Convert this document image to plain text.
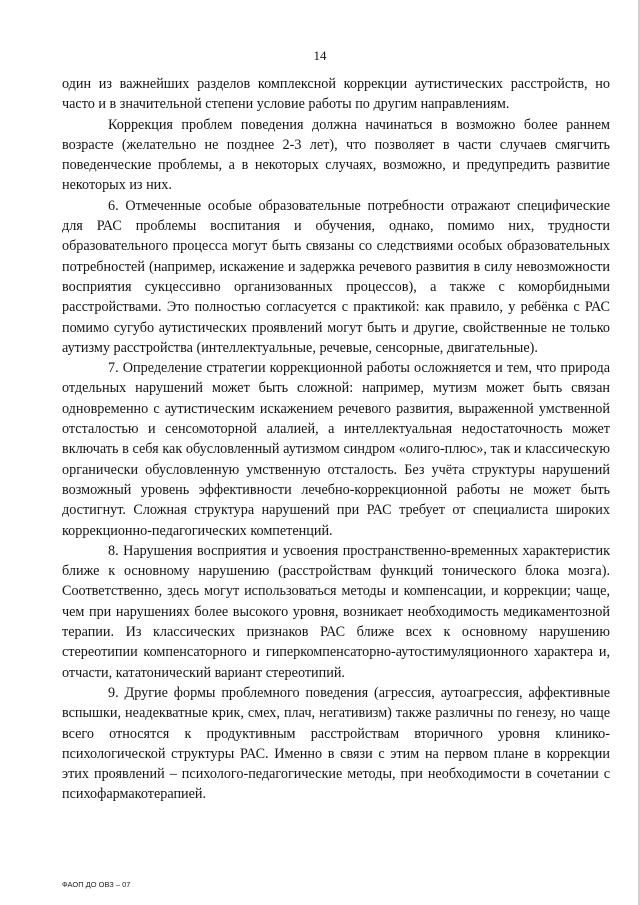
14

один из важнейших разделов комплексной коррекции аутистических расстройств, но часто и в значительной степени условие работы по другим направлениям.

Коррекция проблем поведения должна начинаться в возможно более раннем возрасте (желательно не позднее 2-3 лет), что позволяет в части случаев смягчить поведенческие проблемы, а в некоторых случаях, возможно, и предупредить развитие некоторых из них.

6. Отмеченные особые образовательные потребности отражают специфические для РАС проблемы воспитания и обучения, однако, помимо них, трудности образовательного процесса могут быть связаны со следствиями особых образовательных потребностей (например, искажение и задержка речевого развития в силу невозможности восприятия сукцессивно организованных процессов), а также с коморбидными расстройствами. Это полностью согласуется с практикой: как правило, у ребёнка с РАС помимо сугубо аутистических проявлений могут быть и другие, свойственные не только аутизму расстройства (интеллектуальные, речевые, сенсорные, двигательные).

7. Определение стратегии коррекционной работы осложняется и тем, что природа отдельных нарушений может быть сложной: например, мутизм может быть связан одновременно с аутистическим искажением речевого развития, выраженной умственной отсталостью и сенсомоторной алалией, а интеллектуальная недостаточность может включать в себя как обусловленный аутизмом синдром «олиго-плюс», так и классическую органически обусловленную умственную отсталость. Без учёта структуры нарушений возможный уровень эффективности лечебно-коррекционной работы не может быть достигнут. Сложная структура нарушений при РАС требует от специалиста широких коррекционно-педагогических компетенций.

8. Нарушения восприятия и усвоения пространственно-временных характеристик ближе к основному нарушению (расстройствам функций тонического блока мозга). Соответственно, здесь могут использоваться методы и компенсации, и коррекции; чаще, чем при нарушениях более высокого уровня, возникает необходимость медикаментозной терапии. Из классических признаков РАС ближе всех к основному нарушению стереотипии компенсаторного и гиперкомпенсаторно-аутостимуляционного характера и, отчасти, кататонический вариант стереотипий.

9. Другие формы проблемного поведения (агрессия, аутоагрессия, аффективные вспышки, неадекватные крик, смех, плач, негативизм) также различны по генезу, но чаще всего относятся к продуктивным расстройствам вторичного уровня клинико-психологической структуры РАС. Именно в связи с этим на первом плане в коррекции этих проявлений – психолого-педагогические методы, при необходимости в сочетании с психофармакотерапией.

ФАОП ДО ОВЗ – 07
